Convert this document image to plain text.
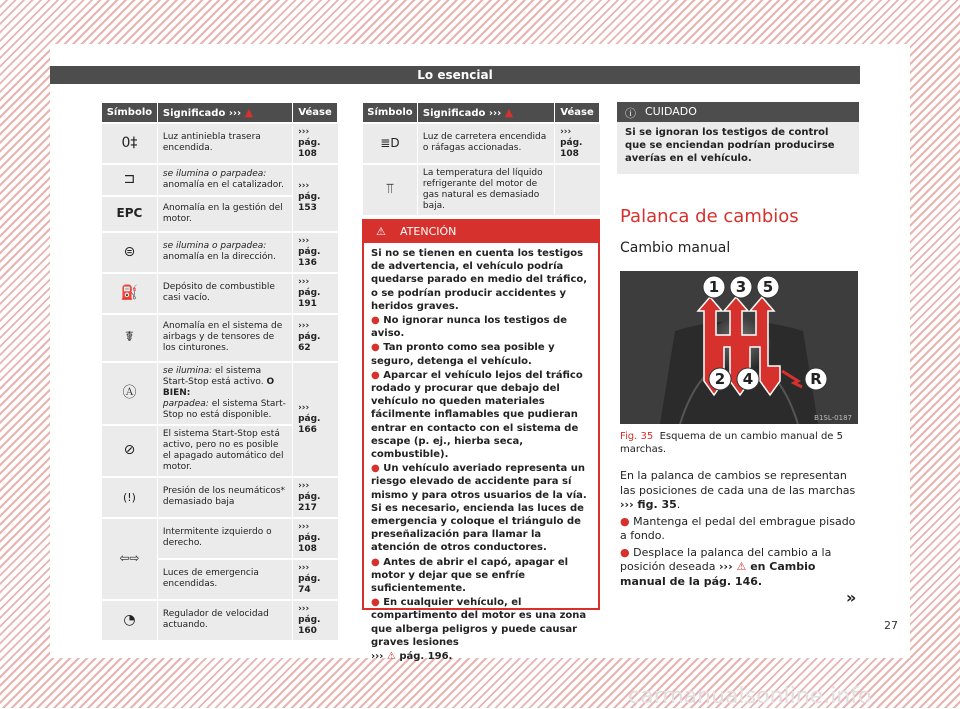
Lo esencial
Símbolo	Significado ››› ▲	Véase
0‡	Luz antiniebla trasera encendida.	››› pág. 108
⊐	se ilumina o parpadea: anomalía en el catalizador.	››› pág. 153
EPC	Anomalía en la gestión del motor.	
⊜	se ilumina o parpadea: anomalía en la dirección.	››› pág. 136
⛽	Depósito de combustible casi vacío.	››› pág. 191
☤	Anomalía en el sistema de airbags y de tensores de los cinturones.	››› pág. 62
Ⓐ	se ilumina: el sistema Start-Stop está activo. O BIEN:
parpadea: el sistema Start-Stop no está disponible.	››› pág. 166
⊘	El sistema Start-Stop está activo, pero no es posible el apagado automático del motor.	
(!)	Presión de los neumáticos* demasiado baja	››› pág. 217
⇦⇨	Intermitente izquierdo o derecho.	››› pág. 108
	Luces de emergencia encendidas.	››› pág. 74
◔	Regulador de velocidad actuando.	››› pág. 160
Símbolo	Significado ››› ▲	Véase
≣D	Luz de carretera encendida o ráfagas accionadas.	››› pág. 108
⫪	La temperatura del líquido refrigerante del motor de gas natural es demasiado baja.	
⚠ ATENCIÓN

Si no se tienen en cuenta los testigos de advertencia, el vehículo podría quedarse parado en medio del tráfico, o se podrían producir accidentes y heridos graves.

● No ignorar nunca los testigos de aviso.

● Tan pronto como sea posible y seguro, detenga el vehículo.

● Aparcar el vehículo lejos del tráfico rodado y procurar que debajo del vehículo no queden materiales fácilmente inflamables que pudieran entrar en contacto con el sistema de escape (p. ej., hierba seca, combustible).

● Un vehículo averiado representa un riesgo elevado de accidente para sí mismo y para otros usuarios de la vía. Si es necesario, encienda las luces de emergencia y coloque el triángulo de preseñalización para llamar la atención de otros conductores.

● Antes de abrir el capó, apagar el motor y dejar que se enfríe suficientemente.

● En cualquier vehículo, el compartimento del motor es una zona que alberga peligros y puede causar graves lesiones

››› ⚠ pág. 196.

ⓘ CUIDADO
Si se ignoran los testigos de control que se enciendan podrían producirse averías en el vehículo.
Palanca de cambios
Cambio manual
1 3 5
2 4	R
B1SL-0187
Fig. 35 Esquema de un cambio manual de 5 marchas.

En la palanca de cambios se representan las posiciones de cada una de las marchas ››› fig. 35.

● Mantenga el pedal del embrague pisado a fondo.

● Desplace la palanca del cambio a la posición deseada ››› ⚠ en Cambio manual de la pág. 146.

»
27
carmanualsonline.info
